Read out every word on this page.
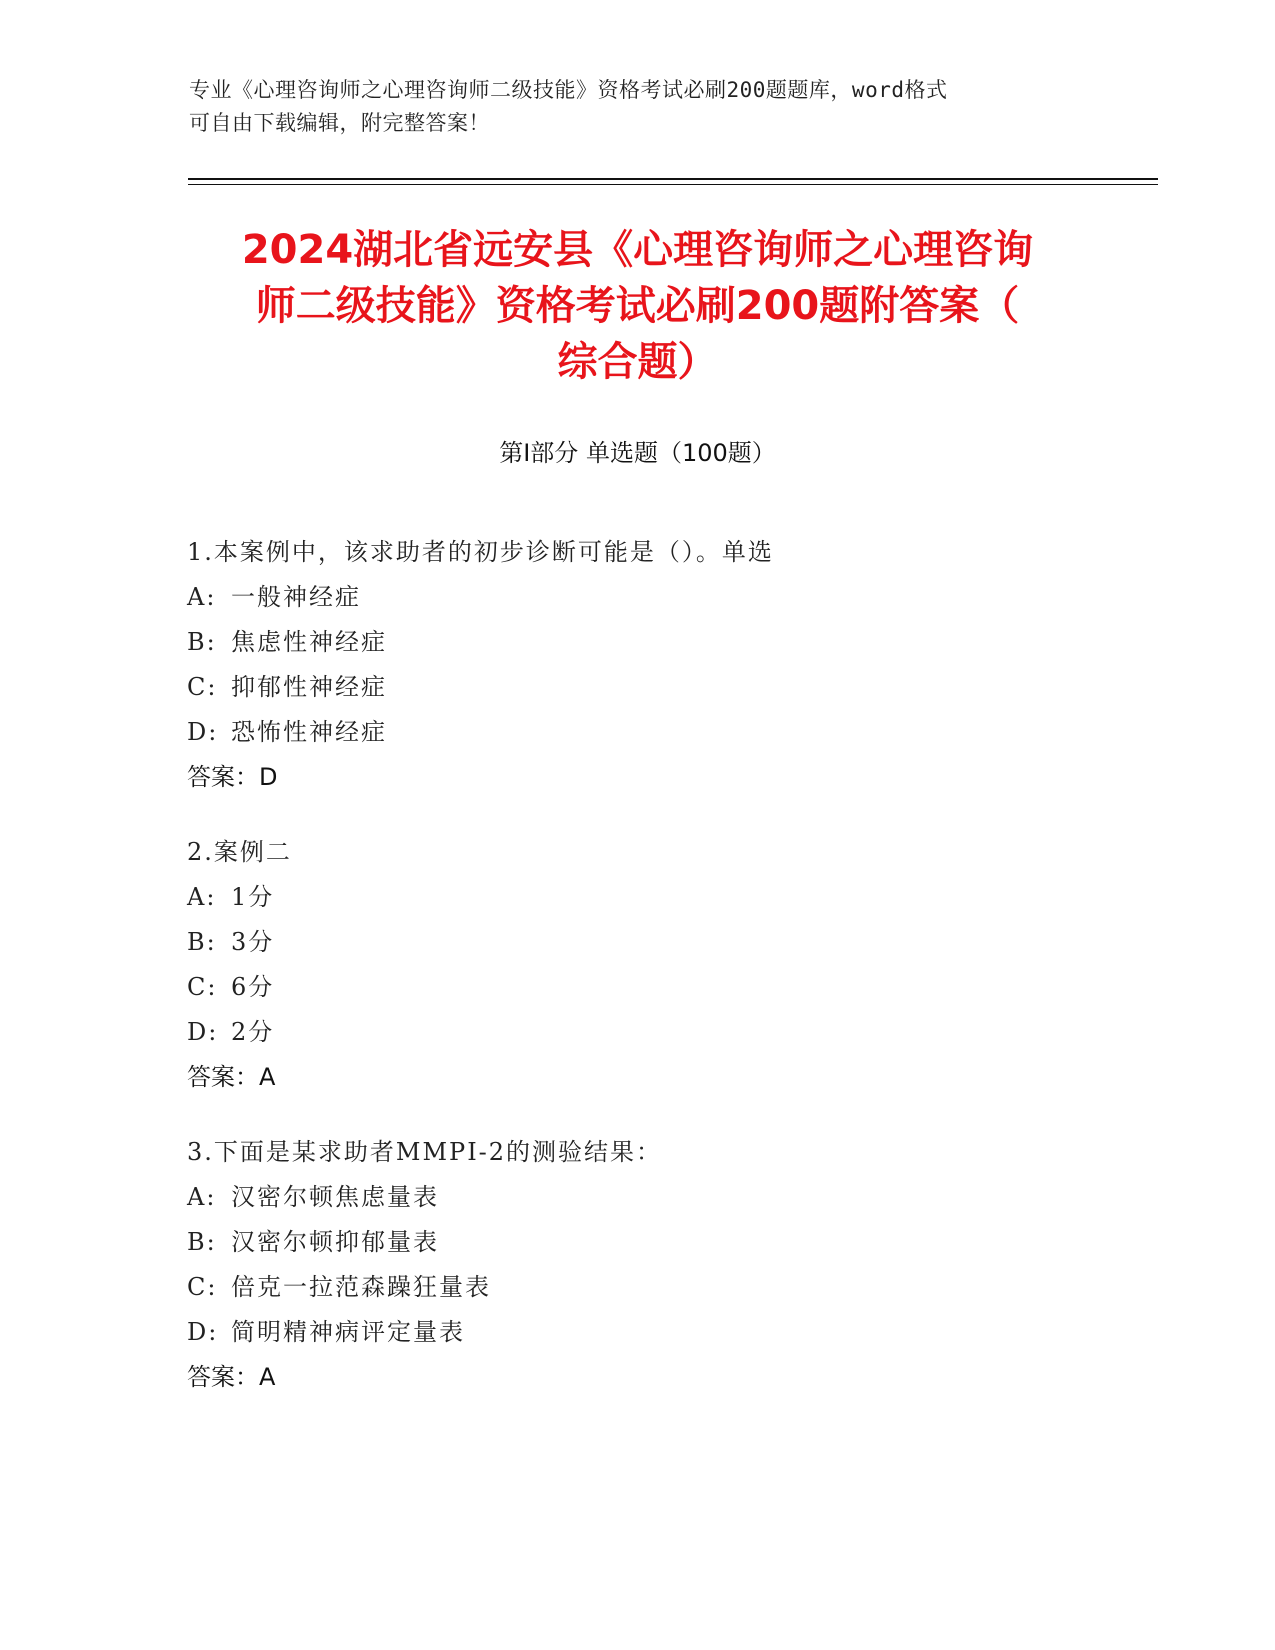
专业《心理咨询师之心理咨询师二级技能》资格考试必刷200题题库，word格式
可自由下载编辑，附完整答案！
2024湖北省远安县《心理咨询师之心理咨询
师二级技能》资格考试必刷200题附答案（
综合题）
第I部分 单选题（100题）
1.本案例中，该求助者的初步诊断可能是（）。单选
A: 一般神经症
B: 焦虑性神经症
C: 抑郁性神经症
D: 恐怖性神经症
答案：D
2.案例二
A: 1分
B: 3分
C: 6分
D: 2分
答案：A
3.下面是某求助者MMPI-2的测验结果：
A: 汉密尔顿焦虑量表
B: 汉密尔顿抑郁量表
C: 倍克一拉范森躁狂量表
D: 简明精神病评定量表
答案：A
